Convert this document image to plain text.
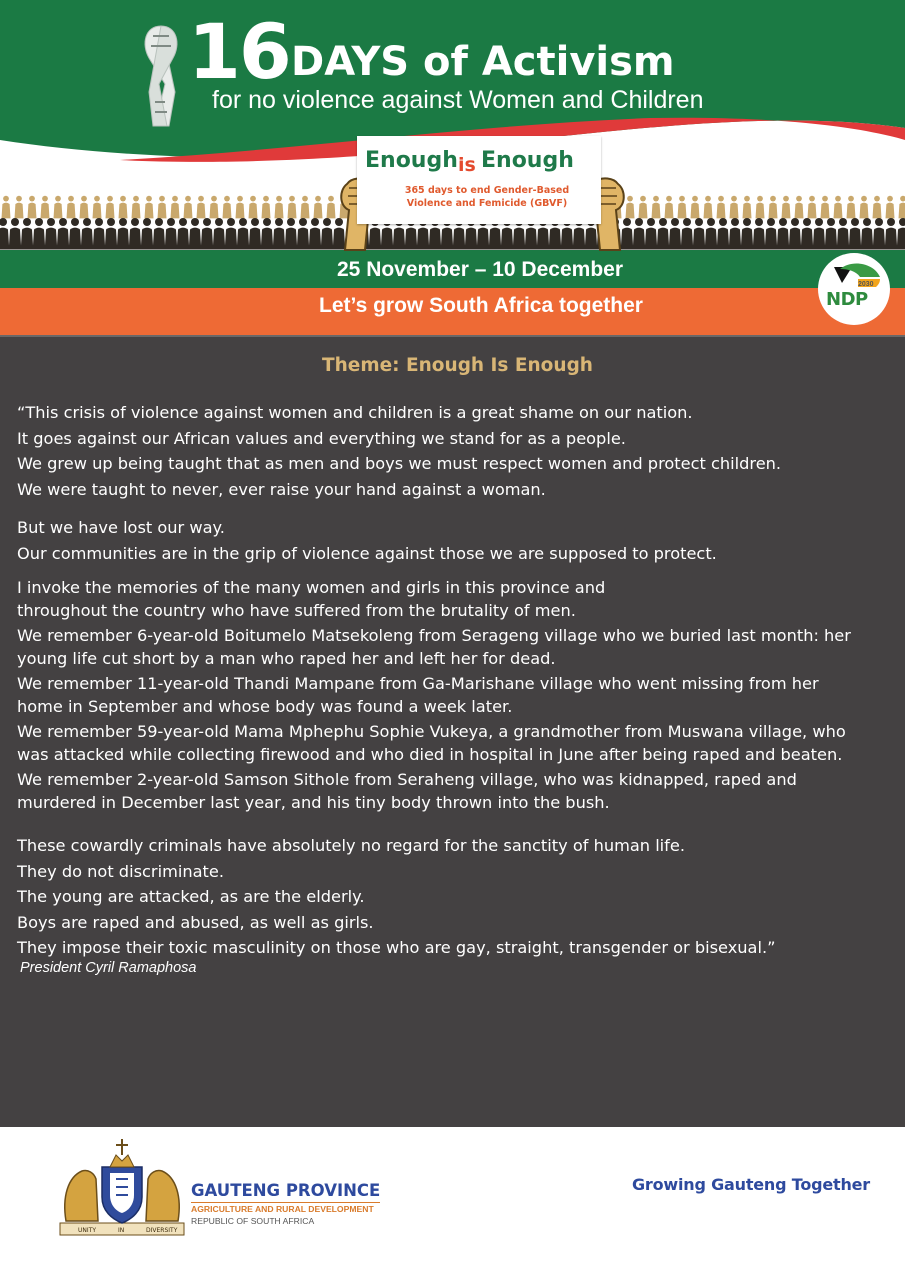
16 DAYS of Activism
for no violence against Women and Children
Enough is Enough
365 days to end Gender-Based
Violence and Femicide (GBVF)
25 November – 10 December
Let’s grow South Africa together
2030
NDP
Theme: Enough Is Enough
“This crisis of violence against women and children is a great shame on our nation.
It goes against our African values and everything we stand for as a people.
We grew up being taught that as men and boys we must respect women and protect children.
We were taught to never, ever raise your hand against a woman.
But we have lost our way.
Our communities are in the grip of violence against those we are supposed to protect.
I invoke the memories of the many women and girls in this province and
throughout the country who have suffered from the brutality of men.
We remember 6-year-old Boitumelo Matsekoleng from Serageng village who we buried last month: her
young life cut short by a man who raped her and left her for dead.
We remember 11-year-old Thandi Mampane from Ga-Marishane village who went missing from her
home in September and whose body was found a week later.
We remember 59-year-old Mama Mphephu Sophie Vukeya, a grandmother from Muswana village, who
was attacked while collecting firewood and who died in hospital in June after being raped and beaten.
We remember 2-year-old Samson Sithole from Seraheng village, who was kidnapped, raped and
murdered in December last year, and his tiny body thrown into the bush.
These cowardly criminals have absolutely no regard for the sanctity of human life.
They do not discriminate.
The young are attacked, as are the elderly.
Boys are raped and abused, as well as girls.
They impose their toxic masculinity on those who are gay, straight, transgender or bisexual.”
President Cyril Ramaphosa
UNITY	IN	DIVERSITY
GAUTENG PROVINCE
AGRICULTURE AND RURAL DEVELOPMENT
REPUBLIC OF SOUTH AFRICA
Growing Gauteng Together
